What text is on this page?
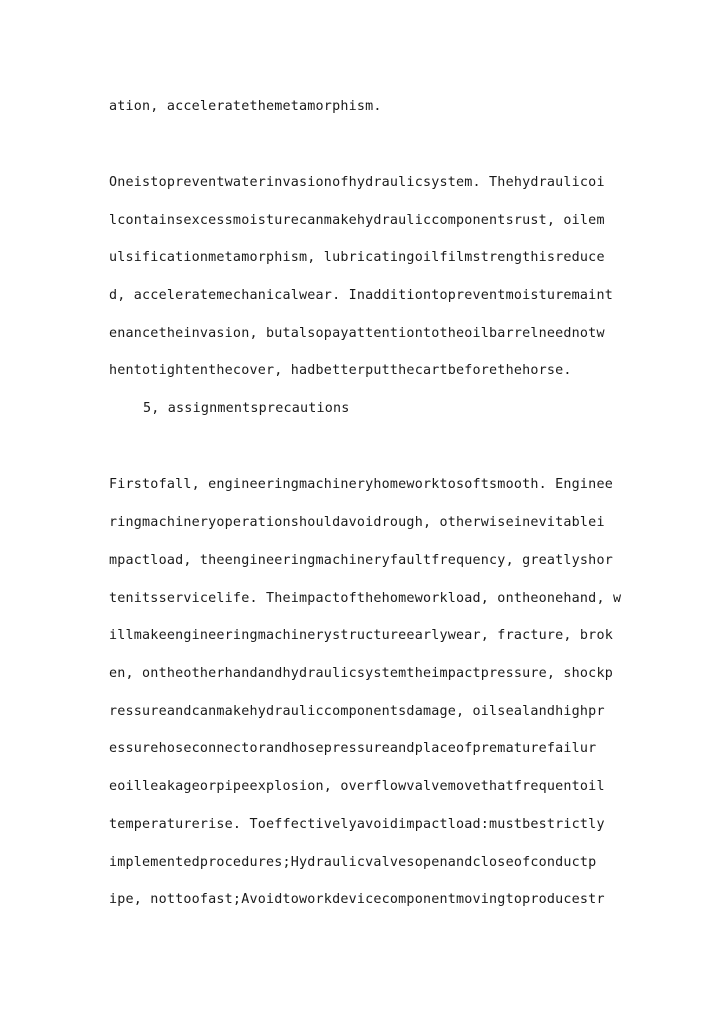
ation, acceleratethemetamorphism.
Oneistopreventwaterinvasionofhydraulicsystem. Thehydraulicoi
lcontainsexcessmoisturecanmakehydrauliccomponentsrust, oilem
ulsificationmetamorphism, lubricatingoilfilmstrengthisreduce
d, acceleratemechanicalwear. Inadditiontopreventmoisturemaint
enancetheinvasion, butalsopayattentiontotheoilbarrelneednotw
hentotightenthecover, hadbetterputthecartbeforethehorse.
5, assignmentsprecautions
Firstofall, engineeringmachineryhomeworktosoftsmooth. Enginee
ringmachineryoperationshouldavoidrough, otherwiseinevitablei
mpactload, theengineeringmachineryfaultfrequency, greatlyshor
tenitsservicelife. Theimpactofthehomeworkload, ontheonehand, w
illmakeengineeringmachinerystructureearlywear, fracture, brok
en, ontheotherhandandhydraulicsystemtheimpactpressure, shockp
ressureandcanmakehydrauliccomponentsdamage, oilsealandhighpr
essurehoseconnectorandhosepressureandplaceofprematurefailur
eoilleakageorpipeexplosion, overflowvalvemovethatfrequentoil
temperaturerise. Toeffectivelyavoidimpactload:mustbestrictly
implementedprocedures;Hydraulicvalvesopenandcloseofconductp
ipe, nottoofast;Avoidtoworkdevicecomponentmovingtoproducestr
